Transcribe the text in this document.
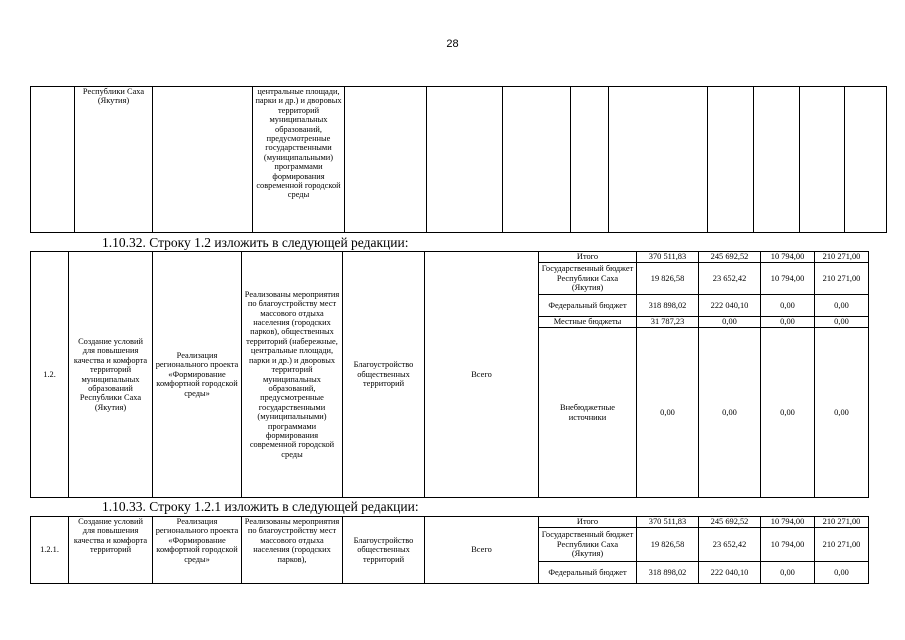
28
	Республики Саха (Якутия)		центральные площади, парки и др.) и дворовых территорий муниципальных образований, предусмотренные государственными (муниципальными) программами формирования современной городской среды									
1.10.32. Строку 1.2 изложить в следующей редакции:
1.2.	Создание условий для повышения качества и комфорта территорий муниципальных образований Республики Саха (Якутия)	Реализация регионального проекта «Формирование комфортной городской среды»	Реализованы мероприятия по благоустройству мест массового отдыха населения (городских парков), общественных территорий (набережные, центральные площади, парки и др.) и дворовых территорий муниципальных образований, предусмотренные государственными (муниципальными) программами формирования современной городской среды	Благоустройство общественных территорий	Всего	Итого	370 511,83	245 692,52	10 794,00	210 271,00
						Государственный бюджет Республики Саха (Якутия)	19 826,58	23 652,42	10 794,00	210 271,00
						Федеральный бюджет	318 898,02	222 040,10	0,00	0,00
						Местные бюджеты	31 787,23	0,00	0,00	0,00
						Внебюджетные источники	0,00	0,00	0,00	0,00
1.10.33. Строку 1.2.1 изложить в следующей редакции:
1.2.1.	Создание условий для повышения качества и комфорта территорий	Реализация регионального проекта «Формирование комфортной городской среды»	Реализованы мероприятия по благоустройству мест массового отдыха населения (городских парков),	Благоустройство общественных территорий	Всего	Итого	370 511,83	245 692,52	10 794,00	210 271,00
						Государственный бюджет Республики Саха (Якутия)	19 826,58	23 652,42	10 794,00	210 271,00
						Федеральный бюджет	318 898,02	222 040,10	0,00	0,00
